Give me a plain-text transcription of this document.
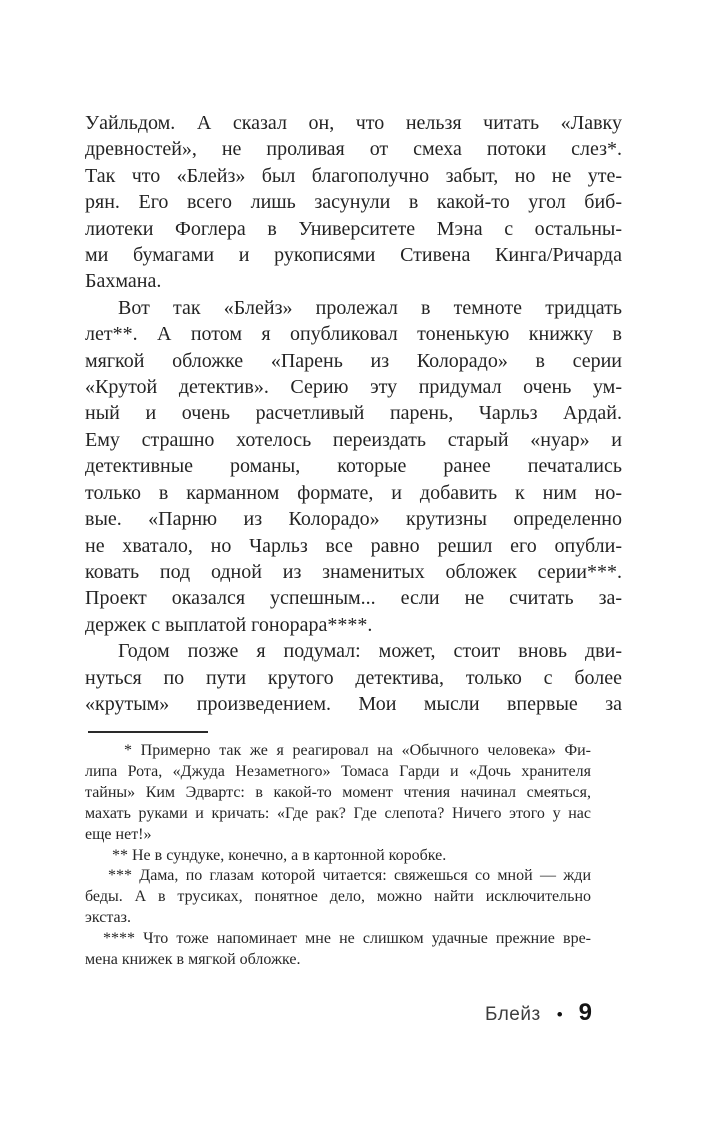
Уайльдом. А сказал он, что нельзя читать «Лавку
древностей», не проливая от смеха потоки слез*.
Так что «Блейз» был благополучно забыт, но не уте-
рян. Его всего лишь засунули в какой-то угол биб-
лиотеки Фоглера в Университете Мэна с остальны-
ми бумагами и рукописями Стивена Кинга/Ричарда
Бахмана.
Вот так «Блейз» пролежал в темноте тридцать
лет**. А потом я опубликовал тоненькую книжку в
мягкой обложке «Парень из Колорадо» в серии
«Крутой детектив». Серию эту придумал очень ум-
ный и очень расчетливый парень, Чарльз Ардай.
Ему страшно хотелось переиздать старый «нуар» и
детективные романы, которые ранее печатались
только в карманном формате, и добавить к ним но-
вые. «Парню из Колорадо» крутизны определенно
не хватало, но Чарльз все равно решил его опубли-
ковать под одной из знаменитых обложек серии***.
Проект оказался успешным... если не считать за-
держек с выплатой гонорара****.
Годом позже я подумал: может, стоит вновь дви-
нуться по пути крутого детектива, только с более
«крутым» произведением. Мои мысли впервые за
* Примерно так же я реагировал на «Обычного человека» Фи-
липа Рота, «Джуда Незаметного» Томаса Гарди и «Дочь хранителя
тайны» Ким Эдвартс: в какой-то момент чтения начинал смеяться,
махать руками и кричать: «Где рак? Где слепота? Ничего этого у нас
еще нет!»
** Не в сундуке, конечно, а в картонной коробке.
*** Дама, по глазам которой читается: свяжешься со мной — жди
беды. А в трусиках, понятное дело, можно найти исключительно
экстаз.
**** Что тоже напоминает мне не слишком удачные прежние вре-
мена книжек в мягкой обложке.
Блейз • 9
